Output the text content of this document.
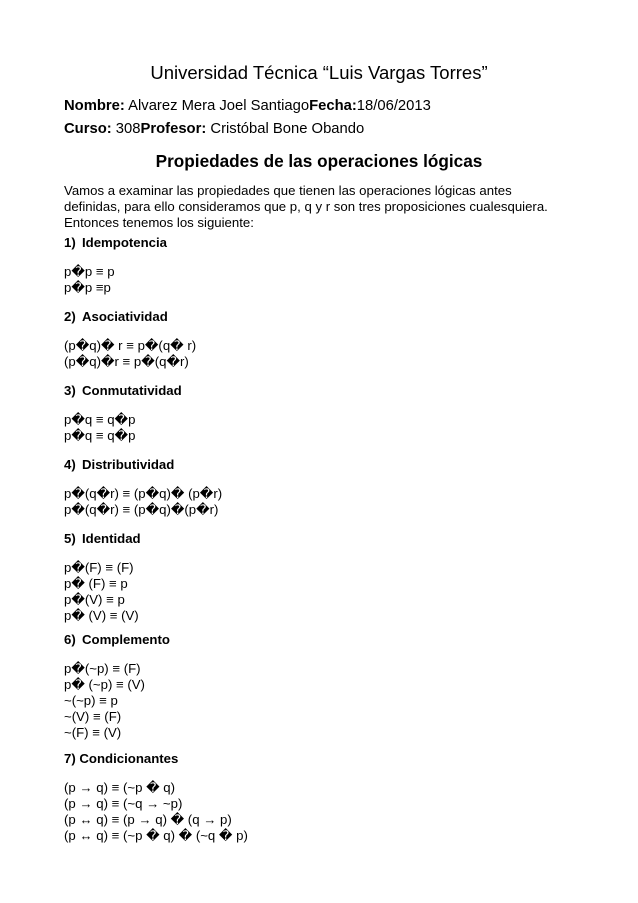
Universidad Técnica “Luis Vargas Torres”
Nombre: Alvarez Mera Joel SantiagoFecha:18/06/2013
Curso: 308Profesor: Cristóbal Bone Obando
Propiedades de las operaciones lógicas
Vamos a examinar las propiedades que tienen las operaciones lógicas antes
definidas, para ello consideramos que p, q y r son tres proposiciones cualesquiera.
Entonces tenemos los siguiente:
1) Idempotencia
p�p ≡ p
p�p ≡p
2) Asociatividad
(p�q)� r ≡ p�(q� r)
(p�q)�r ≡ p�(q�r)
3) Conmutatividad
p�q ≡ q�p
p�q ≡ q�p
4) Distributividad
p�(q�r) ≡ (p�q)� (p�r)
p�(q�r) ≡ (p�q)�(p�r)
5) Identidad
p�(F) ≡ (F)
p� (F) ≡ p
p�(V) ≡ p
p� (V) ≡ (V)
6) Complemento
p�(~p) ≡ (F)
p� (~p) ≡ (V)
~(~p) ≡ p
~(V) ≡ (F)
~(F) ≡ (V)
7) Condicionantes
(p → q) ≡ (~p � q)
(p → q) ≡ (~q → ~p)
(p ↔ q) ≡ (p → q) � (q → p)
(p ↔ q) ≡ (~p � q) � (~q � p)
